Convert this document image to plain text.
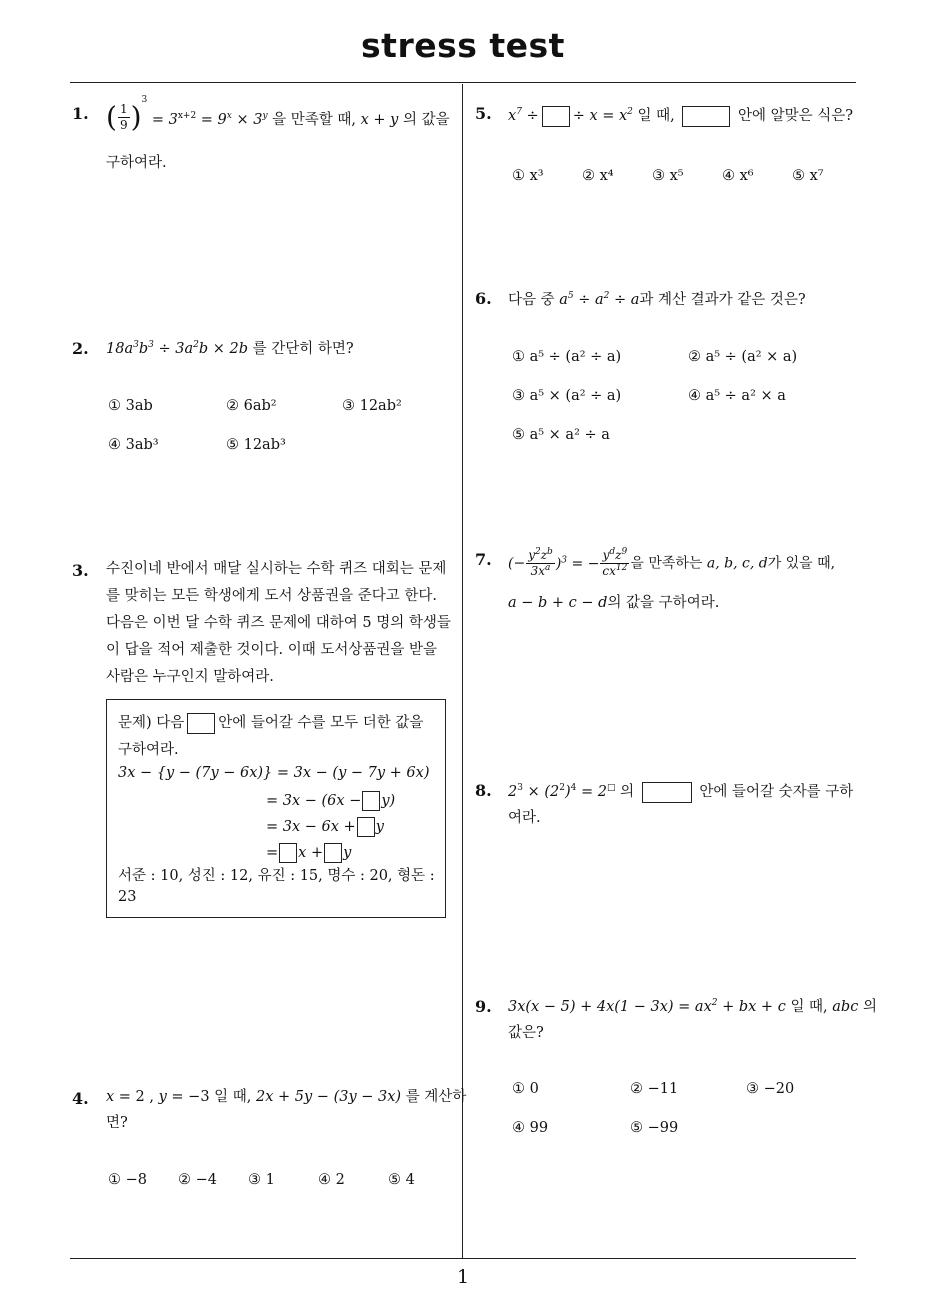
stress test
1
1. ( $\frac{1}{9} )^3 = 3^{x+2} = 9^x \times 3^y$ 을 만족할 때, x + y 의 값을
구하여라.
2. $18a^3b^3 \div 3a^2b \times 2b$ 를 간단히 하면?
① 3ab	② 6ab²	③ 12ab²
④ 3ab³	⑤ 12ab³
3. 수진이네 반에서 매달 실시하는 수학 퀴즈 대회는 문제
를 맞히는 모든 학생에게 도서 상품권을 준다고 한다.
다음은 이번 달 수학 퀴즈 문제에 대하여 5 명의 학생들
이 답을 적어 제출한 것이다. 이때 도서상품권을 받을
사람은 누구인지 말하여라.
문제) 다음 안에 들어갈 수를 모두 더한 값을
구하여라.
3x − {y − (7y − 6x)} = 3x − (y − 7y + 6x)
= 3x − (6x − y)
= 3x − 6x + y
= x + y
서준 : 10, 성진 : 12, 유진 : 15, 명수 : 20, 형돈 :
23
4. x = 2 , y = −3 일 때, 2x + 5y − (3y − 3x) 를 계산하
면?
① −8 ② −4 ③ 1	④ 2	⑤ 4
5. $x^7$ ÷ ÷ $x = x^2$ 일 때,	안에 알맞은 식은?
① x³	② x⁴	③ x⁵	④ x⁶	⑤ x⁷
6. 다음 중 $a^5 \div a^2 \div a$과 계산 결과가 같은 것은?
① a⁵ ÷ (a² ÷ a)	② a⁵ ÷ (a² × a)
③ a⁵ × (a² ÷ a)	④ a⁵ ÷ a² × a
⑤ a⁵ × a² ÷ a
7. (− $\frac{y^2z^b}{3x^a} )^3$ = − $\frac{y^dz^9}{cx^{12}}$ 을 만족하는 a, b, c, d가 있을 때,
a − b + c − d의 값을 구하여라.
8. $2^3 \times (2^2)^4 = 2^□$ 의	안에 들어갈 숫자를 구하
여라.
9. $3x(x - 5) + 4x(1 - 3x) = ax^2$ + bx + c 일 때, abc 의
값은?
① 0	② −11	③ −20
④ 99	⑤ −99
